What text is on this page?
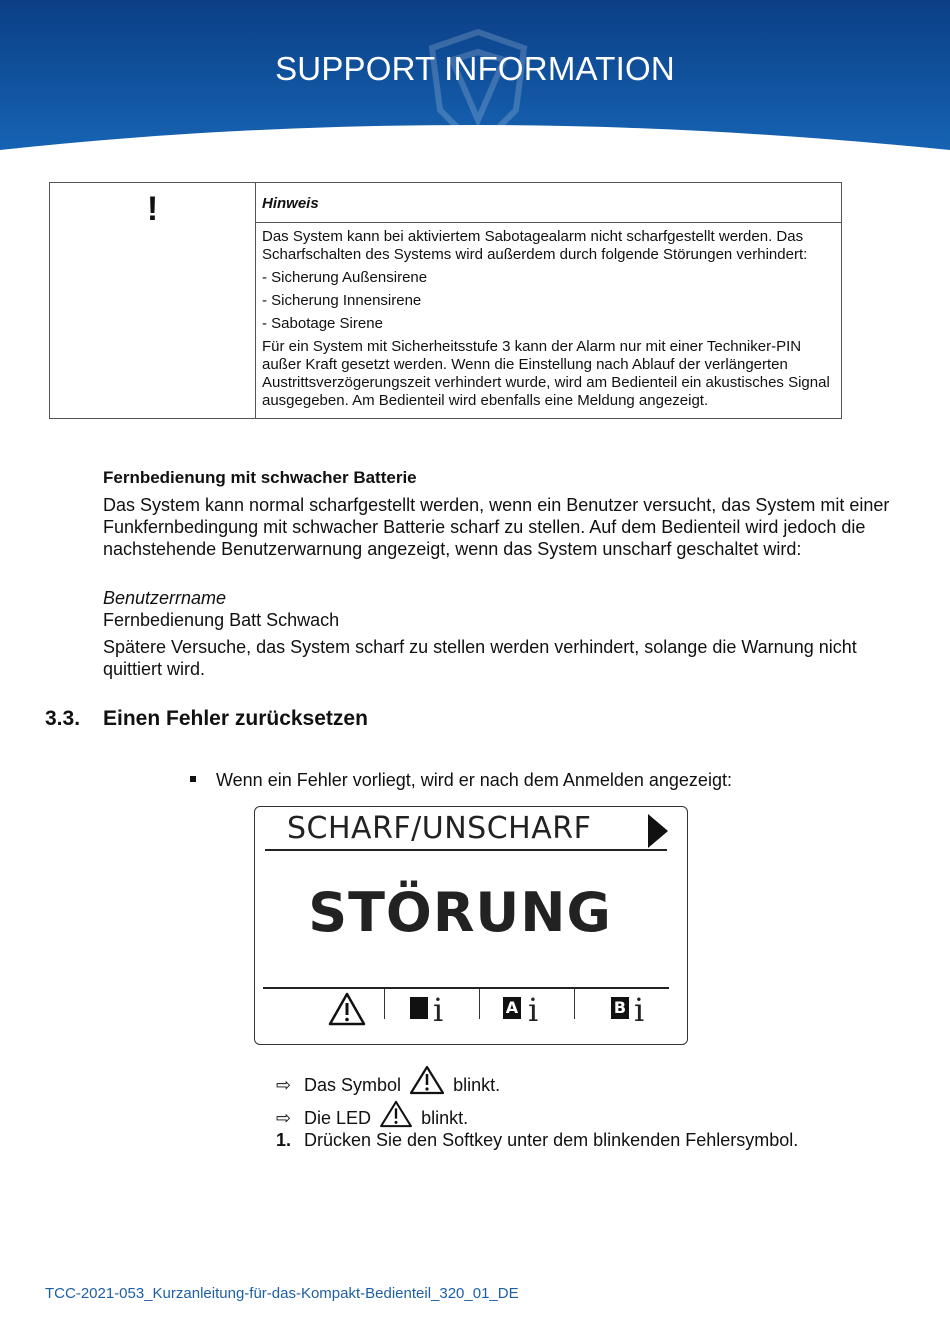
SUPPORT INFORMATION
!	Hinweis

Das System kann bei aktiviertem Sabotagealarm nicht scharfgestellt werden. Das Scharfschalten des Systems wird außerdem durch folgende Störungen verhindert:

- Sicherung Außensirene

- Sicherung Innensirene

- Sabotage Sirene

Für ein System mit Sicherheitsstufe 3 kann der Alarm nur mit einer Techniker-PIN außer Kraft gesetzt werden. Wenn die Einstellung nach Ablauf der verlängerten Austrittsverzögerungszeit verhindert wurde, wird am Bedienteil ein akustisches Signal ausgegeben. Am Bedienteil wird ebenfalls eine Meldung angezeigt.

Fernbedienung mit schwacher Batterie
Das System kann normal scharfgestellt werden, wenn ein Benutzer versucht, das System mit einer Funkfernbedingung mit schwacher Batterie scharf zu stellen. Auf dem Bedienteil wird jedoch die nachstehende Benutzerwarnung angezeigt, wenn das System unscharf geschaltet wird:
Benutzerrname
Fernbedienung Batt Schwach
Spätere Versuche, das System scharf zu stellen werden verhindert, solange die Warnung nicht quittiert wird.
3.3. Einen Fehler zurücksetzen
Wenn ein Fehler vorliegt, wird er nach dem Anmelden angezeigt:
SCHARF/UNSCHARF
STÖRUNG
i	A i	B i
⇨ Das Symbol	blinkt.
⇨ Die LED	blinkt.
1. Drücken Sie den Softkey unter dem blinkenden Fehlersymbol.
TCC-2021-053_Kurzanleitung-für-das-Kompakt-Bedienteil_320_01_DE
